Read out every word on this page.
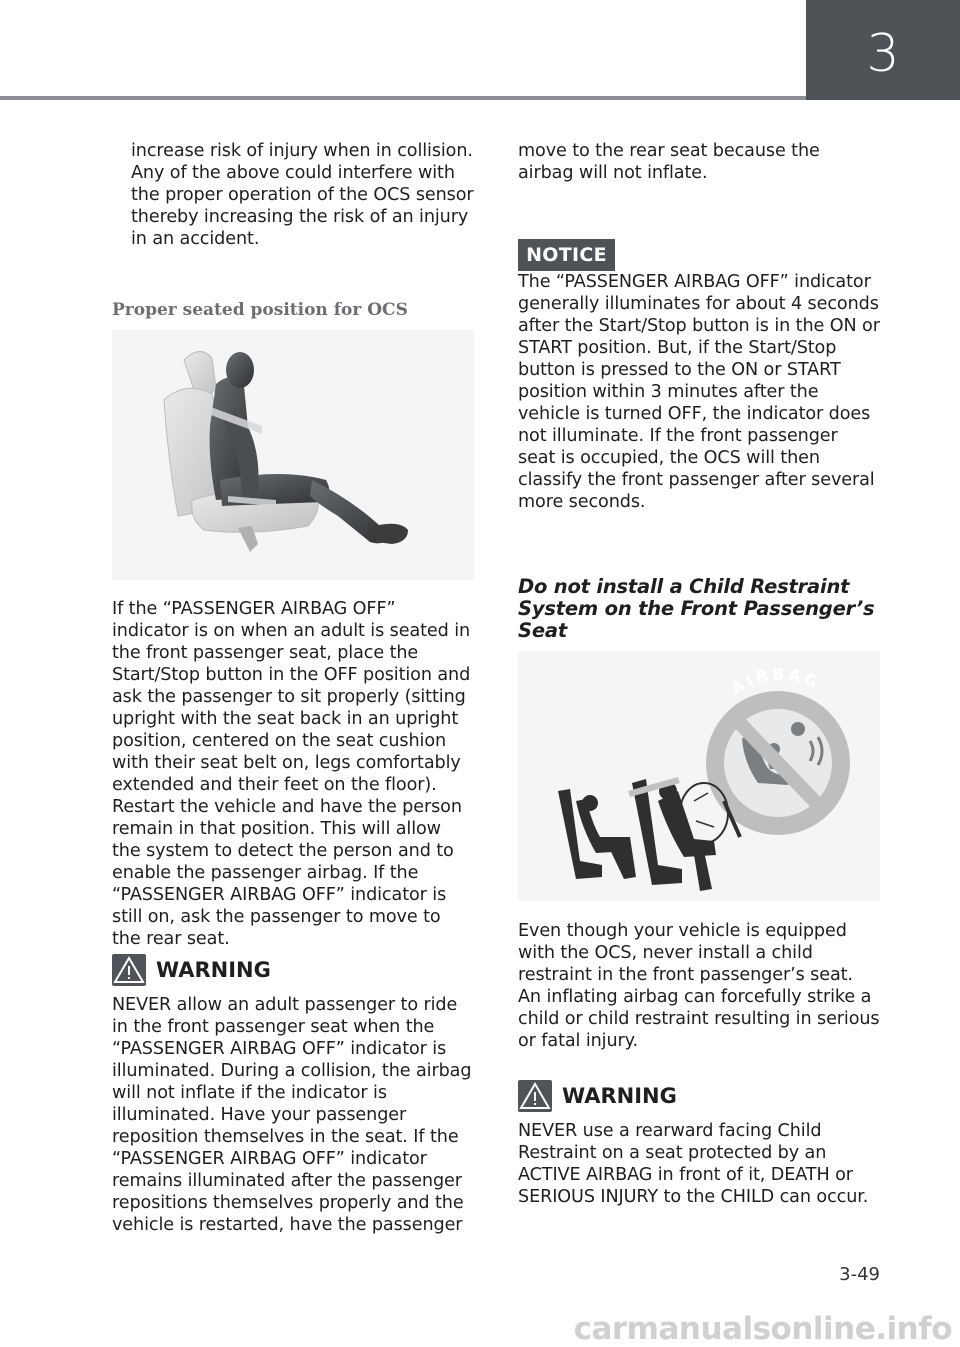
3

increase risk of injury when in collision. Any of the above could interfere with the proper operation of the OCS sensor thereby increasing the risk of an injury in an accident.

Proper seated position for OCS

If the “PASSENGER AIRBAG OFF” indicator is on when an adult is seated in the front passenger seat, place the Start/Stop button in the OFF position and ask the passenger to sit properly (sitting upright with the seat back in an upright position, centered on the seat cushion with their seat belt on, legs comfortably extended and their feet on the floor). Restart the vehicle and have the person remain in that position. This will allow the system to detect the person and to enable the passenger airbag. If the “PASSENGER AIRBAG OFF” indicator is still on, ask the passenger to move to the rear seat.

WARNING

NEVER allow an adult passenger to ride in the front passenger seat when the “PASSENGER AIRBAG OFF” indicator is illuminated. During a collision, the airbag will not inflate if the indicator is illuminated. Have your passenger reposition themselves in the seat. If the “PASSENGER AIRBAG OFF” indicator remains illuminated after the passenger repositions themselves properly and the vehicle is restarted, have the passenger

move to the rear seat because the airbag will not inflate.

NOTICE

The “PASSENGER AIRBAG OFF” indicator generally illuminates for about 4 seconds after the Start/Stop button is in the ON or START position. But, if the Start/Stop button is pressed to the ON or START position within 3 minutes after the vehicle is turned OFF, the indicator does not illuminate. If the front passenger seat is occupied, the OCS will then classify the front passenger after several more seconds.

Do not install a Child Restraint System on the Front Passenger’s Seat
AIRBAG

Even though your vehicle is equipped with the OCS, never install a child restraint in the front passenger’s seat. An inflating airbag can forcefully strike a child or child restraint resulting in serious or fatal injury.

WARNING

NEVER use a rearward facing Child Restraint on a seat protected by an ACTIVE AIRBAG in front of it, DEATH or SERIOUS INJURY to the CHILD can occur.

3-49
carmanualsonline.info
